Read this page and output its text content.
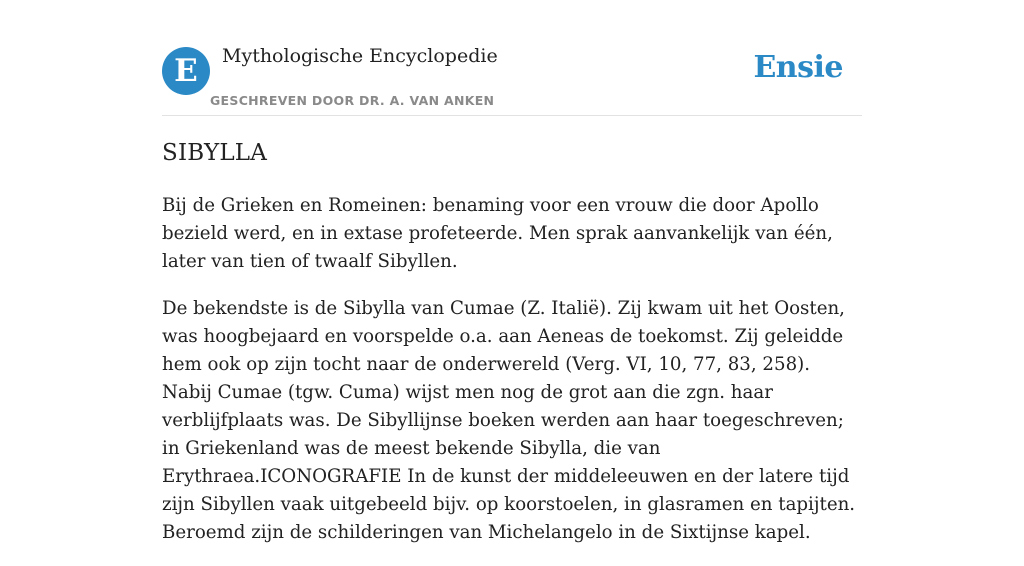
E	Mythologische Encyclopedie
GESCHREVEN DOOR DR. A. VAN ANKEN
Ensie
SIBYLLA

Bij de Grieken en Romeinen: benaming voor een vrouw die door Apollo bezield werd, en in extase profeteerde. Men sprak aanvankelijk van één, later van tien of twaalf Sibyllen.

De bekendste is de Sibylla van Cumae (Z. Italië). Zij kwam uit het Oosten, was hoogbejaard en voorspelde o.a. aan Aeneas de toekomst. Zij geleidde hem ook op zijn tocht naar de onderwereld (Verg. VI, 10, 77, 83, 258). Nabij Cumae (tgw. Cuma) wijst men nog de grot aan die zgn. haar verblijfplaats was. De Sibyllijnse boeken werden aan haar toegeschreven; in Griekenland was de meest bekende Sibylla, die van Erythraea.ICONOGRAFIE In de kunst der middeleeuwen en der latere tijd zijn Sibyllen vaak uitgebeeld bijv. op koorstoelen, in glasramen en tapijten. Beroemd zijn de schilderingen van Michelangelo in de Sixtijnse kapel.
